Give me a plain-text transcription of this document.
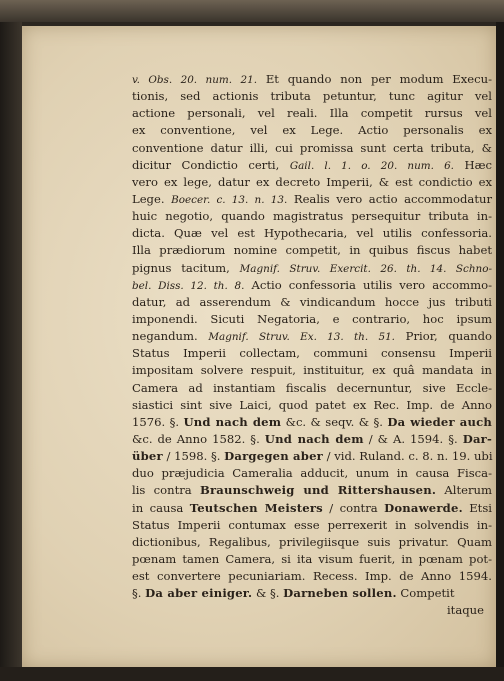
v. Obs. 20. num. 21. Et quando non per modum Execu-
tionis, sed actionis tributa petuntur, tunc agitur vel
actione personali, vel reali. Illa competit rursus vel
ex conventione, vel ex Lege. Actio personalis ex
conventione datur illi, cui promissa sunt certa tributa, &
dicitur Condictio certi, Gail. l. 1. o. 20. num. 6. Hæc
vero ex lege, datur ex decreto Imperii, & est condictio ex
Lege. Boecer. c. 13. n. 13. Realis vero actio accommodatur
huic negotio, quando magistratus persequitur tributa in-
dicta. Quæ vel est Hypothecaria, vel utilis confessoria.
Illa prædiorum nomine competit, in quibus fiscus habet
pignus tacitum, Magnif. Struv. Exercit. 26. th. 14. Schno-
bel. Diss. 12. th. 8. Actio confessoria utilis vero accommo-
datur, ad asserendum & vindicandum hocce jus tributi
imponendi. Sicuti Negatoria, e contrario, hoc ipsum
negandum. Magnif. Struv. Ex. 13. th. 51. Prior, quando
Status Imperii collectam, communi consensu Imperii
impositam solvere respuit, instituitur, ex quâ mandata in
Camera ad instantiam fiscalis decernuntur, sive Eccle-
siastici sint sive Laici, quod patet ex Rec. Imp. de Anno
1576. §. Und nach dem &c. & seqv. & §. Da wieder auch
&c. de Anno 1582. §. Und nach dem / & A. 1594. §. Dar-
über / 1598. §. Dargegen aber / vid. Ruland. c. 8. n. 19. ubi
duo præjudicia Cameralia adducit, unum in causa Fisca-
lis contra Braunschweig und Rittershausen. Alterum
in causa Teutschen Meisters / contra Donawerde. Etsi
Status Imperii contumax esse perrexerit in solvendis in-
dictionibus, Regalibus, privilegiisque suis privatur. Quam
pœnam tamen Camera, si ita visum fuerit, in pœnam pot-
est convertere pecuniariam. Recess. Imp. de Anno 1594.
§. Da aber einiger. & §. Darneben sollen. Competit
itaque
